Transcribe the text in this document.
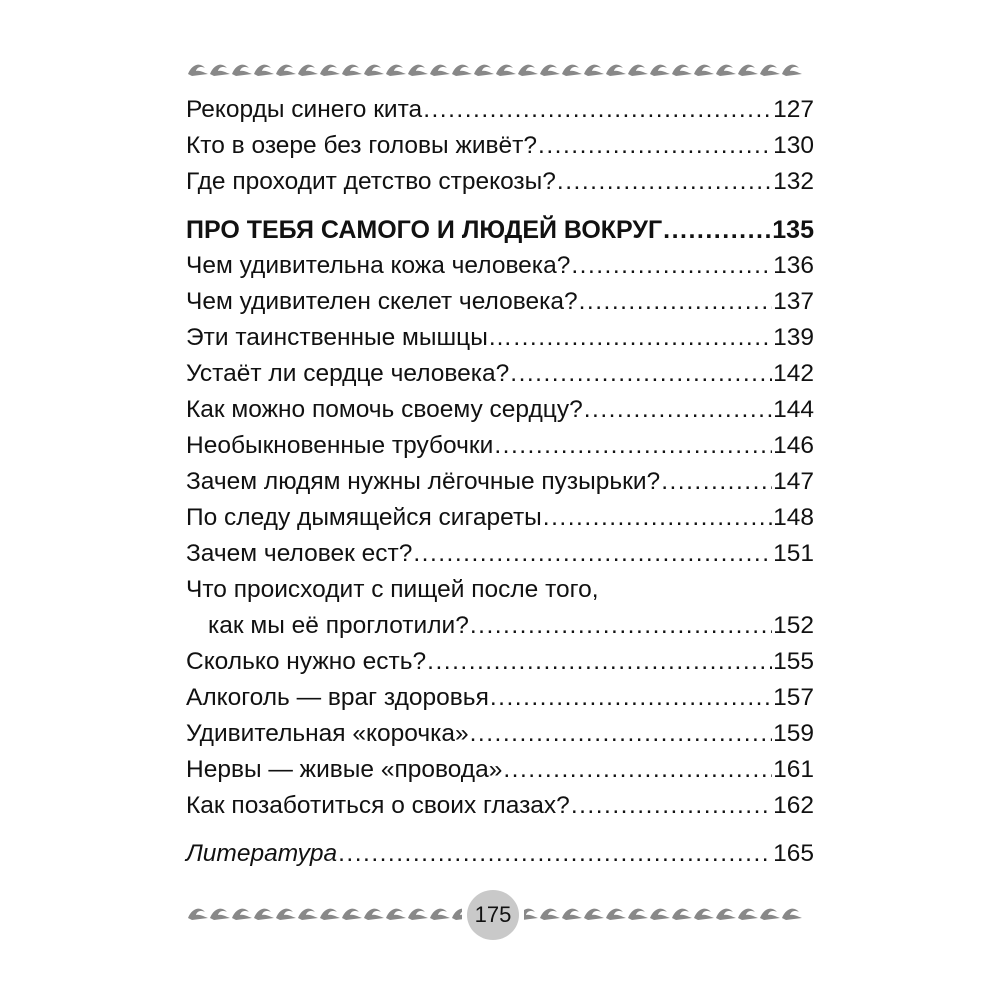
Рекорды синего кита .....	127
Кто в озере без головы живёт? .....	130
Где проходит детство стрекозы? .....	132
ПРО ТЕБЯ САМОГО И ЛЮДЕЙ ВОКРУГ .....	135
Чем удивительна кожа человека? .....	136
Чем удивителен скелет человека? .....	137
Эти таинственные мышцы… .....	139
Устаёт ли сердце человека? .....	142
Как можно помочь своему сердцу? .....	144
Необыкновенные трубочки .....	146
Зачем людям нужны лёгочные пузырьки? .....	147
По следу дымящейся сигареты .....	148
Зачем человек ест? .....	151
Что происходит с пищей после того,
как мы её проглотили? .....	152
Сколько нужно есть? .....	155
Алкоголь — враг здоровья .....	157
Удивительная «корочка» .....	159
Нервы — живые «провода» .....	161
Как позаботиться о своих глазах? .....	162
Литература .....	165
175
